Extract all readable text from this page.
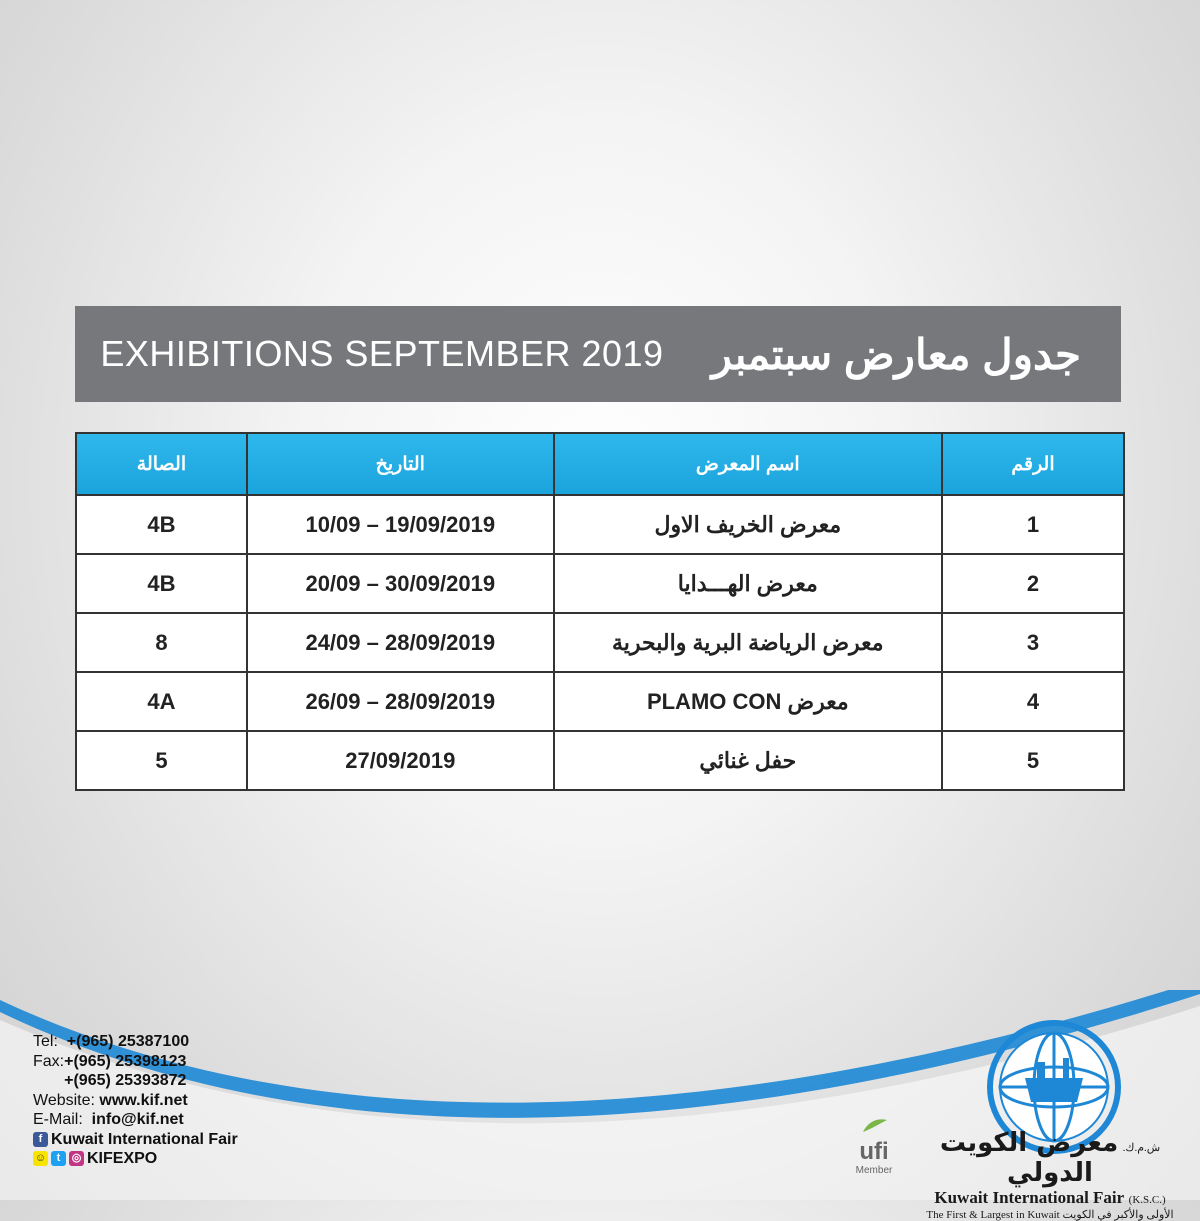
EXHIBITIONS SEPTEMBER 2019 جدول معارض سبتمبر
الرقم	اسم المعرض	التاريخ	الصالة
1	معرض الخريف الاول	10/09 – 19/09/2019	4B
2	معرض الهـــدايا	20/09 – 30/09/2019	4B
3	معرض الرياضة البرية والبحرية	24/09 – 28/09/2019	8
4	معرض PLAMO CON	26/09 – 28/09/2019	4A
5	حفل غنائي	27/09/2019	5
Tel: +(965) 25387100
Fax:+(965) 25398123
+(965) 25393872
Website: www.kif.net
E-Mail: info@kif.net
f Kuwait International Fair
☺ t	◎ KIFEXPO	ufi
Member
ش.م.ك. معرض الكويت الدولي
Kuwait International Fair (K.S.C.)
The First & Largest in Kuwait الأولى والأكبر في الكويت
